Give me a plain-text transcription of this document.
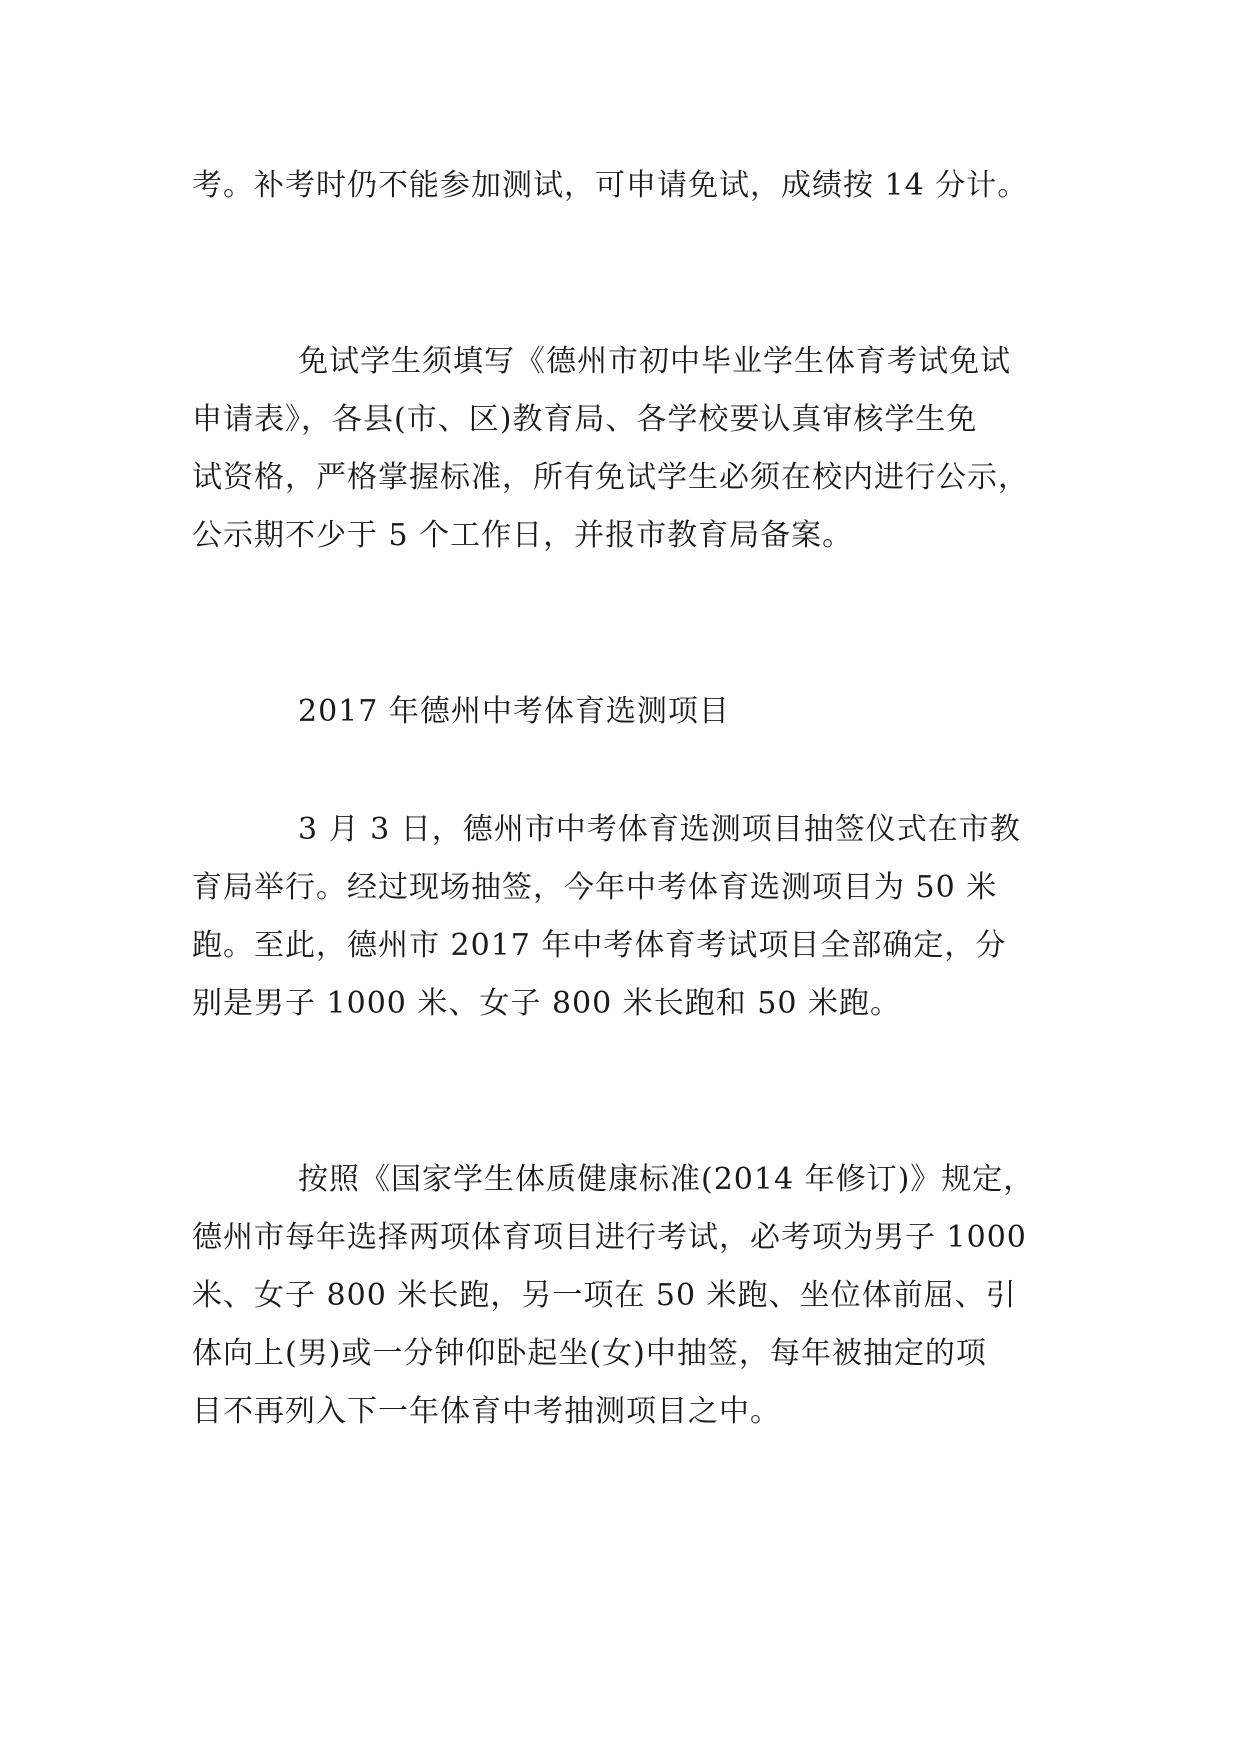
考。补考时仍不能参加测试，可申请免试，成绩按 14 分计。
免试学生须填写《德州市初中毕业学生体育考试免试
申请表》，各县(市、区)教育局、各学校要认真审核学生免
试资格，严格掌握标准，所有免试学生必须在校内进行公示，
公示期不少于 5 个工作日，并报市教育局备案。
2017 年德州中考体育选测项目
3 月 3 日，德州市中考体育选测项目抽签仪式在市教
育局举行。经过现场抽签，今年中考体育选测项目为 50 米
跑。至此，德州市 2017 年中考体育考试项目全部确定，分
别是男子 1000 米、女子 800 米长跑和 50 米跑。
按照《国家学生体质健康标准(2014 年修订)》规定，
德州市每年选择两项体育项目进行考试，必考项为男子 1000
米、女子 800 米长跑，另一项在 50 米跑、坐位体前屈、引
体向上(男)或一分钟仰卧起坐(女)中抽签，每年被抽定的项
目不再列入下一年体育中考抽测项目之中。
